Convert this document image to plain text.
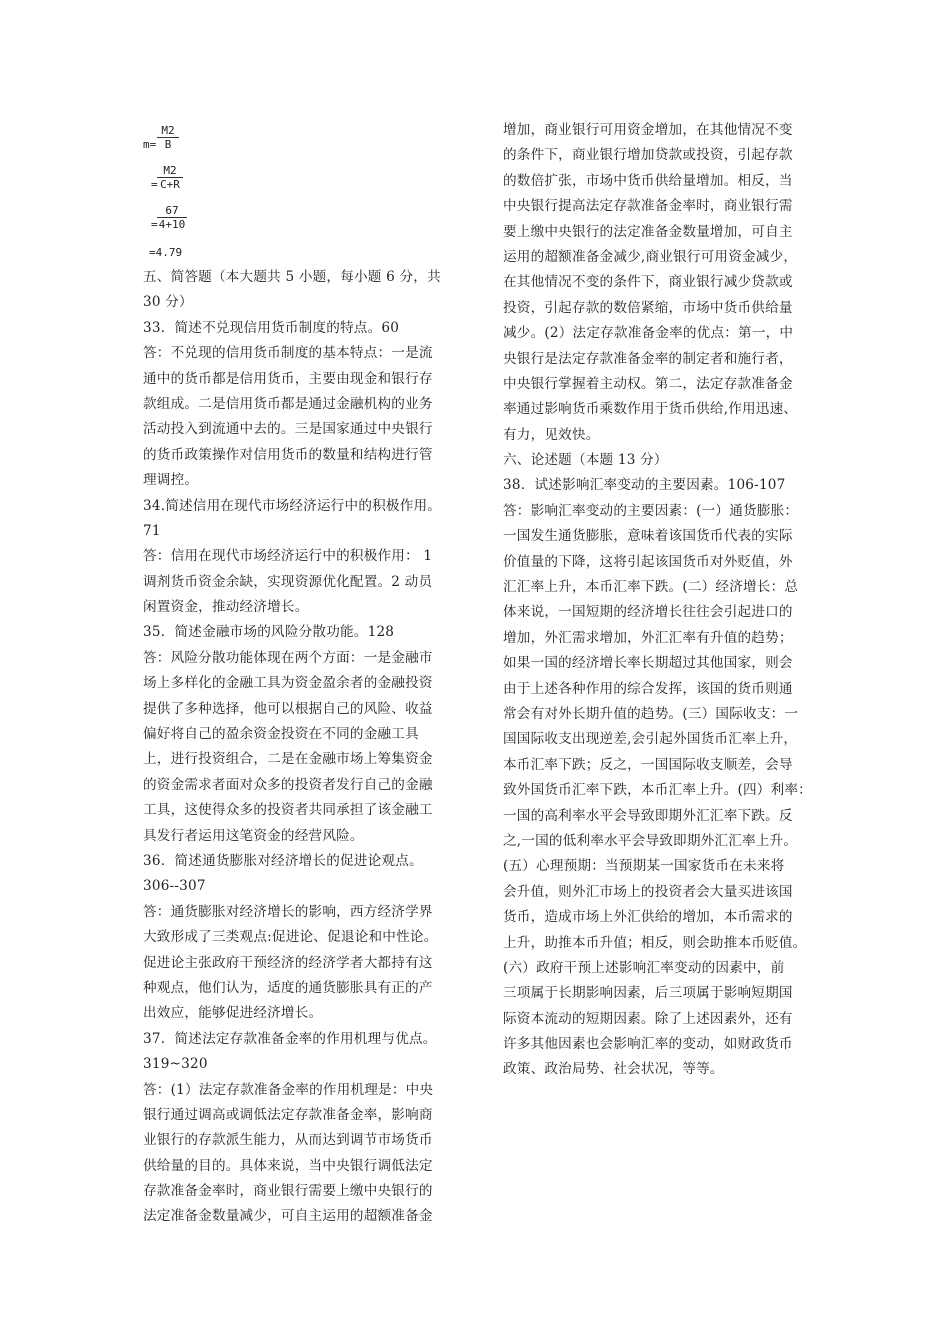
m=
M2
B
=
M2
C+R
=
67
4+10
=4.79
五、简答题（本大题共 5 小题，每小题 6 分，共
30 分）
33．简述不兑现信用货币制度的特点。60
答：不兑现的信用货币制度的基本特点：一是流
通中的货币都是信用货币，主要由现金和银行存
款组成。二是信用货币都是通过金融机构的业务
活动投入到流通中去的。三是国家通过中央银行
的货币政策操作对信用货币的数量和结构进行管
理调控。
34.简述信用在现代市场经济运行中的积极作用。
71
答：信用在现代市场经济运行中的积极作用： 1
调剂货币资金余缺，实现资源优化配置。2 动员
闲置资金，推动经济增长。
35．简述金融市场的风险分散功能。128
答：风险分散功能体现在两个方面：一是金融市
场上多样化的金融工具为资金盈余者的金融投资
提供了多种选择，他可以根据自己的风险、收益
偏好将自己的盈余资金投资在不同的金融工具
上，进行投资组合，二是在金融市场上筹集资金
的资金需求者面对众多的投资者发行自己的金融
工具，这使得众多的投资者共同承担了该金融工
具发行者运用这笔资金的经营风险。
36．简述通货膨胀对经济增长的促进论观点。
306--307
答：通货膨胀对经济增长的影响，西方经济学界
大致形成了三类观点:促进论、促退论和中性论。
促进论主张政府干预经济的经济学者大都持有这
种观点，他们认为，适度的通货膨胀具有正的产
出效应，能够促进经济增长。
37．简述法定存款准备金率的作用机理与优点。
319~320
答：(1）法定存款准备金率的作用机理是：中央
银行通过调高或调低法定存款准备金率，影响商
业银行的存款派生能力，从而达到调节市场货币
供给量的目的。具体来说，当中央银行调低法定
存款准备金率时，商业银行需要上缴中央银行的
法定准备金数量减少，可自主运用的超额准备金
增加，商业银行可用资金增加，在其他情况不变
的条件下，商业银行增加贷款或投资，引起存款
的数倍扩张，市场中货币供给量增加。相反，当
中央银行提高法定存款准备金率时，商业银行需
要上缴中央银行的法定准备金数量增加，可自主
运用的超额准备金减少,商业银行可用资金减少，
在其他情况不变的条件下，商业银行减少贷款或
投资，引起存款的数倍紧缩，市场中货币供给量
减少。(2）法定存款准备金率的优点：第一，中
央银行是法定存款准备金率的制定者和施行者，
中央银行掌握着主动权。第二，法定存款准备金
率通过影响货币乘数作用于货币供给,作用迅速、
有力，见效快。
六、论述题（本题 13 分）
38．试述影响汇率变动的主要因素。106-107
答：影响汇率变动的主要因素：(一）通货膨胀：
一国发生通货膨胀，意味着该国货币代表的实际
价值量的下降，这将引起该国货币对外贬值，外
汇汇率上升，本币汇率下跌。(二）经济增长：总
体来说，一国短期的经济增长往往会引起进口的
增加，外汇需求增加，外汇汇率有升值的趋势；
如果一国的经济增长率长期超过其他国家，则会
由于上述各种作用的综合发挥，该国的货币则通
常会有对外长期升值的趋势。(三）国际收支：一
国国际收支出现逆差,会引起外国货币汇率上升，
本币汇率下跌；反之，一国国际收支顺差，会导
致外国货币汇率下跌，本币汇率上升。(四）利率：
一国的高利率水平会导致即期外汇汇率下跌。反
之,一国的低利率水平会导致即期外汇汇率上升。
(五）心理预期：当预期某一国家货币在未来将
会升值，则外汇市场上的投资者会大量买进该国
货币，造成市场上外汇供给的增加，本币需求的
上升，助推本币升值；相反，则会助推本币贬值。
(六）政府干预上述影响汇率变动的因素中，前
三项属于长期影响因素，后三项属于影响短期国
际资本流动的短期因素。除了上述因素外，还有
许多其他因素也会影响汇率的变动，如财政货币
政策、政治局势、社会状况，等等。
